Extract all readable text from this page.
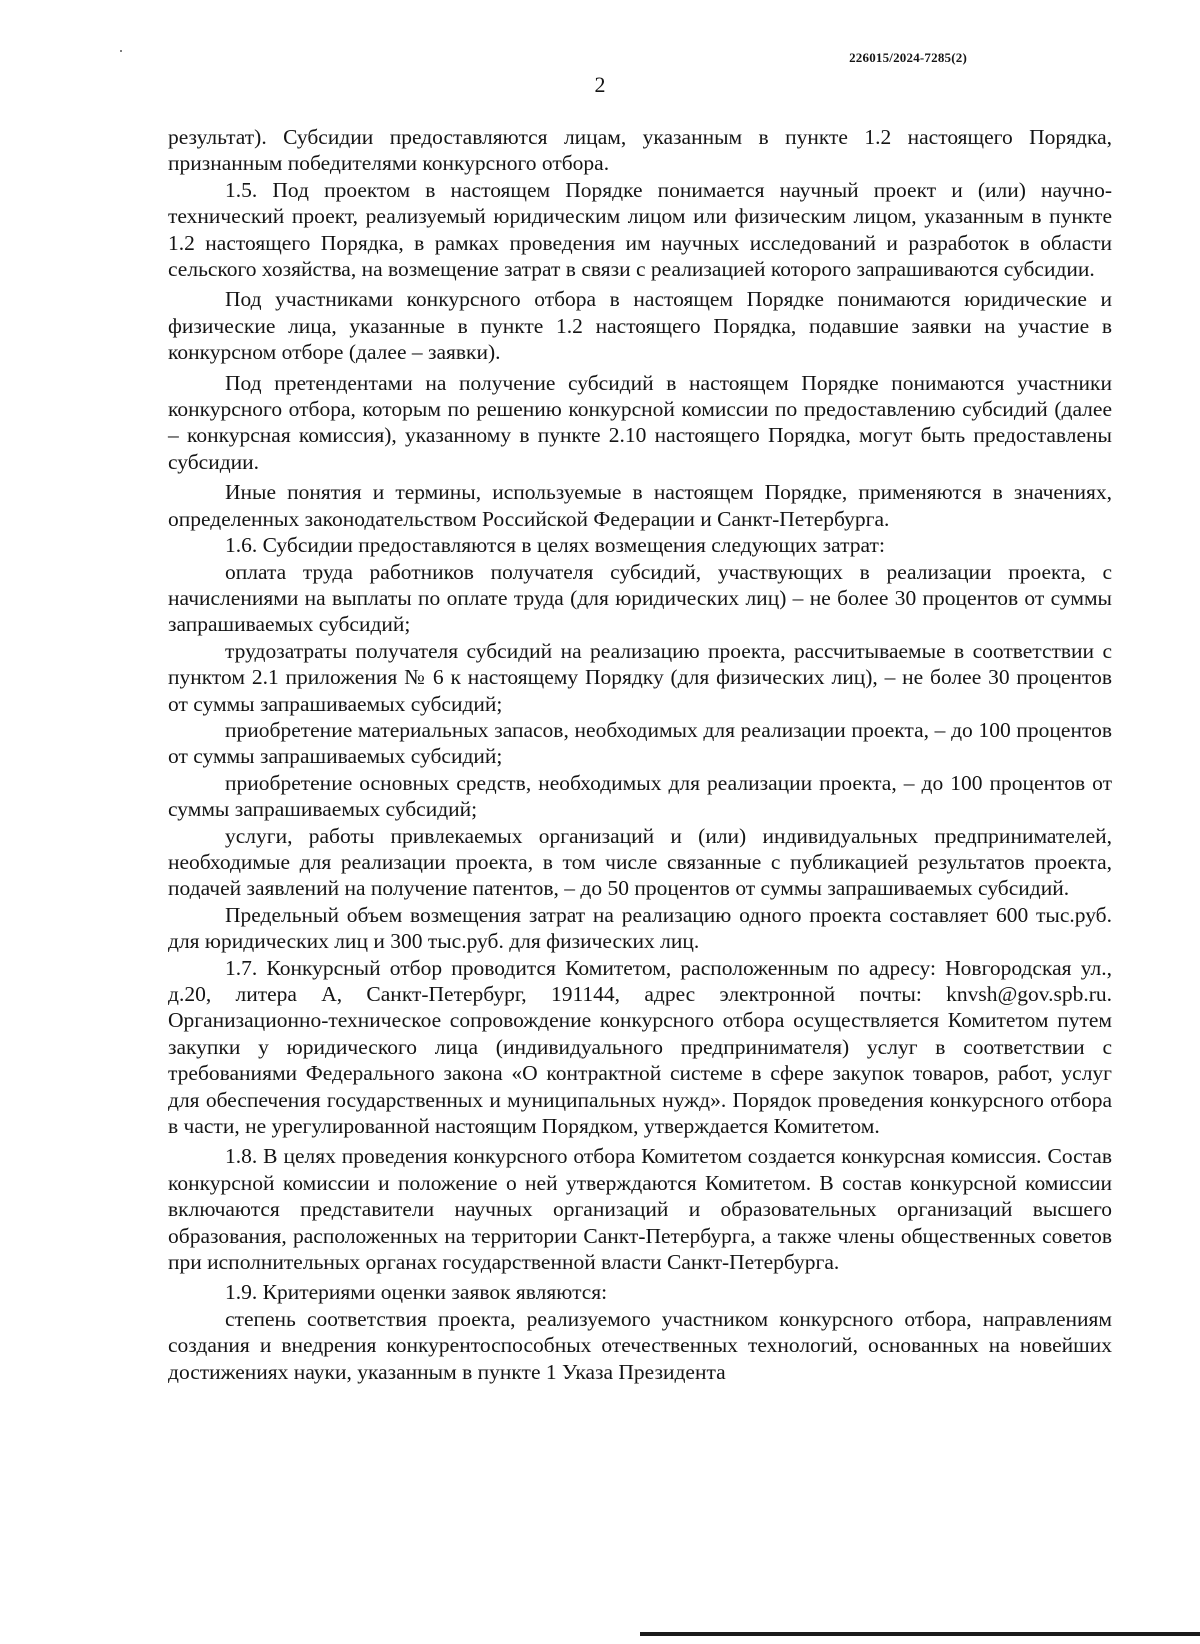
226015/2024-7285(2)
2

результат). Субсидии предоставляются лицам, указанным в пункте 1.2 настоящего Порядка, признанным победителями конкурсного отбора.

1.5. Под проектом в настоящем Порядке понимается научный проект и (или) научно-технический проект, реализуемый юридическим лицом или физическим лицом, указанным в пункте 1.2 настоящего Порядка, в рамках проведения им научных исследований и разработок в области сельского хозяйства, на возмещение затрат в связи с реализацией которого запрашиваются субсидии.

Под участниками конкурсного отбора в настоящем Порядке понимаются юридические и физические лица, указанные в пункте 1.2 настоящего Порядка, подавшие заявки на участие в конкурсном отборе (далее – заявки).

Под претендентами на получение субсидий в настоящем Порядке понимаются участники конкурсного отбора, которым по решению конкурсной комиссии по предоставлению субсидий (далее – конкурсная комиссия), указанному в пункте 2.10 настоящего Порядка, могут быть предоставлены субсидии.

Иные понятия и термины, используемые в настоящем Порядке, применяются в значениях, определенных законодательством Российской Федерации и Санкт-Петербурга.

1.6. Субсидии предоставляются в целях возмещения следующих затрат:

оплата труда работников получателя субсидий, участвующих в реализации проекта, с начислениями на выплаты по оплате труда (для юридических лиц) – не более 30 процентов от суммы запрашиваемых субсидий;

трудозатраты получателя субсидий на реализацию проекта, рассчитываемые в соответствии с пунктом 2.1 приложения № 6 к настоящему Порядку (для физических лиц), – не более 30 процентов от суммы запрашиваемых субсидий;

приобретение материальных запасов, необходимых для реализации проекта, – до 100 процентов от суммы запрашиваемых субсидий;

приобретение основных средств, необходимых для реализации проекта, – до 100 процентов от суммы запрашиваемых субсидий;

услуги, работы привлекаемых организаций и (или) индивидуальных предпринимателей, необходимые для реализации проекта, в том числе связанные с публикацией результатов проекта, подачей заявлений на получение патентов, – до 50 процентов от суммы запрашиваемых субсидий.

Предельный объем возмещения затрат на реализацию одного проекта составляет 600 тыс.руб. для юридических лиц и 300 тыс.руб. для физических лиц.

1.7. Конкурсный отбор проводится Комитетом, расположенным по адресу: Новгородская ул., д.20, литера А, Санкт-Петербург, 191144, адрес электронной почты: knvsh@gov.spb.ru. Организационно-техническое сопровождение конкурсного отбора осуществляется Комитетом путем закупки у юридического лица (индивидуального предпринимателя) услуг в соответствии с требованиями Федерального закона «О контрактной системе в сфере закупок товаров, работ, услуг для обеспечения государственных и муниципальных нужд». Порядок проведения конкурсного отбора в части, не урегулированной настоящим Порядком, утверждается Комитетом.

1.8. В целях проведения конкурсного отбора Комитетом создается конкурсная комиссия. Состав конкурсной комиссии и положение о ней утверждаются Комитетом. В состав конкурсной комиссии включаются представители научных организаций и образовательных организаций высшего образования, расположенных на территории Санкт-Петербурга, а также члены общественных советов при исполнительных органах государственной власти Санкт-Петербурга.

1.9. Критериями оценки заявок являются:

степень соответствия проекта, реализуемого участником конкурсного отбора, направлениям создания и внедрения конкурентоспособных отечественных технологий, основанных на новейших достижениях науки, указанным в пункте 1 Указа Президента
